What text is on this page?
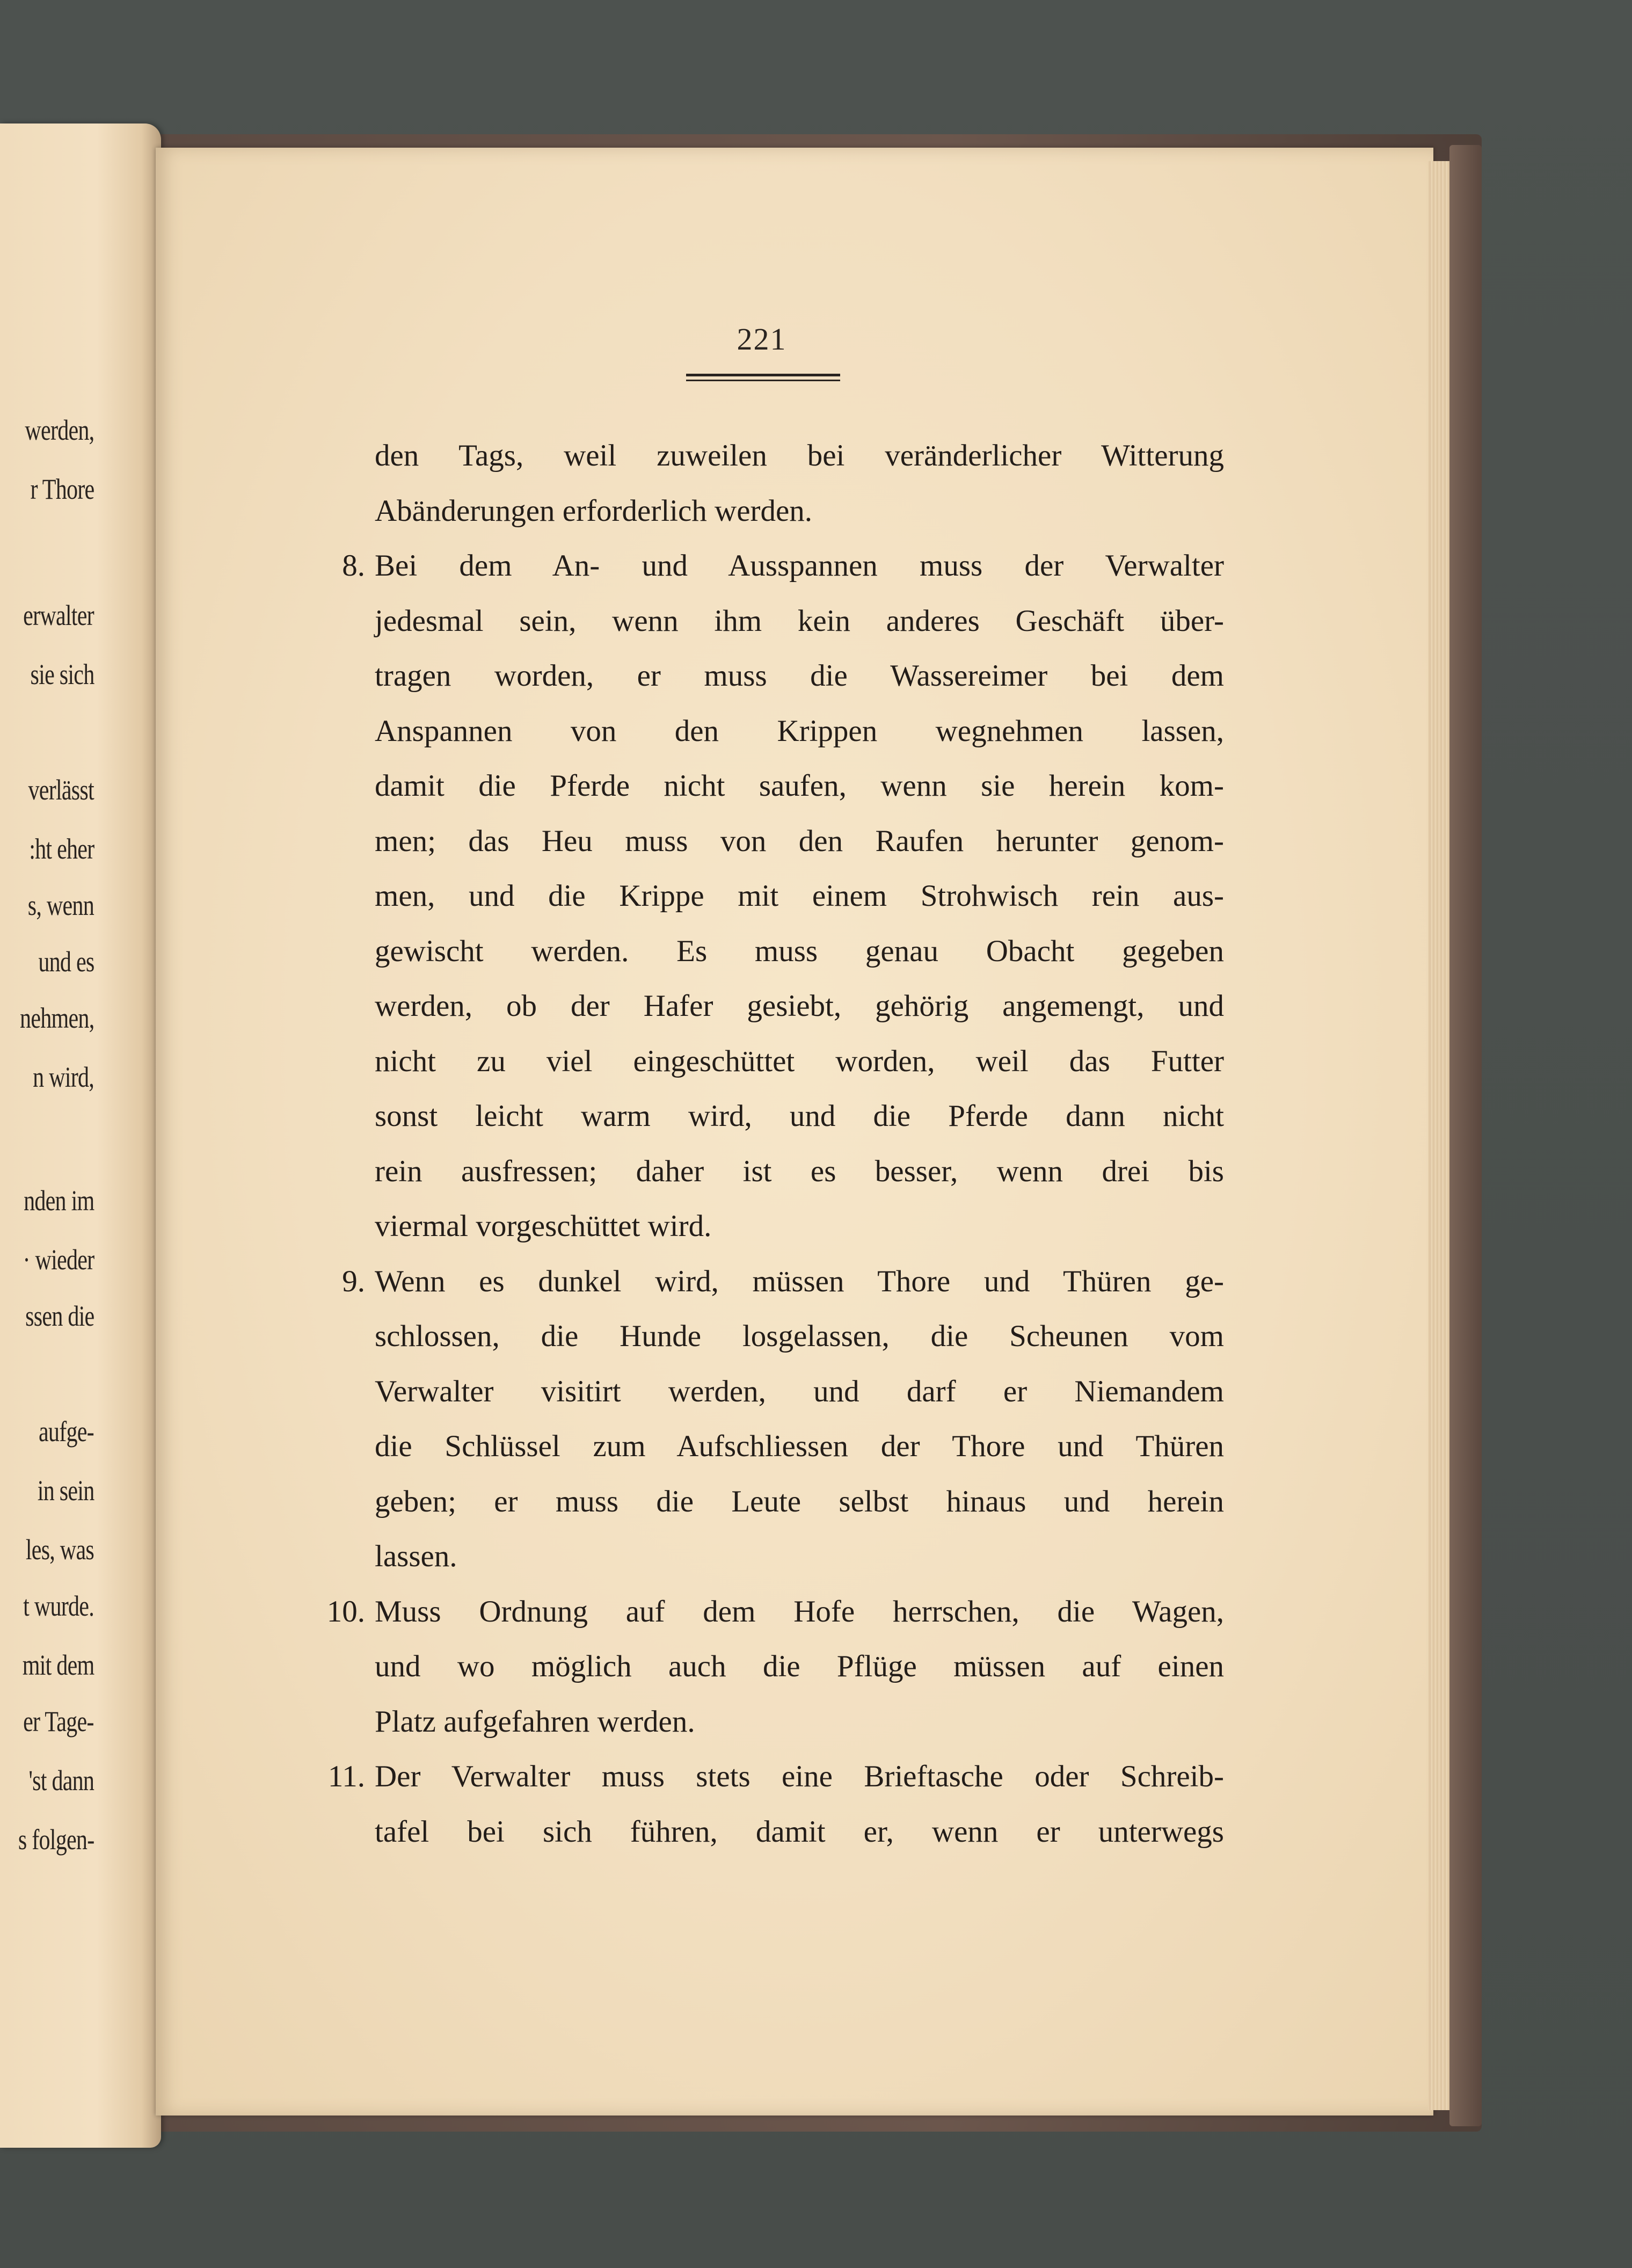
werden,
r Thore
erwalter
sie sich
verlässt
:ht eher
s, wenn
und es
nehmen,
n wird,
nden im
· wieder
ssen die
aufge-
in sein
les, was
t wurde.
mit dem
er Tage-
'st dann
s folgen-
221
den Tags, weil zuweilen bei veränderlicher Witterung
Abänderungen erforderlich werden.
8. Bei dem An- und Ausspannen muss der Verwalter
jedesmal sein, wenn ihm kein anderes Geschäft über-
tragen worden, er muss die Wassereimer bei dem
Anspannen von den Krippen wegnehmen lassen,
damit die Pferde nicht saufen, wenn sie herein kom-
men; das Heu muss von den Raufen herunter genom-
men, und die Krippe mit einem Strohwisch rein aus-
gewischt werden. Es muss genau Obacht gegeben
werden, ob der Hafer gesiebt, gehörig angemengt, und
nicht zu viel eingeschüttet worden, weil das Futter
sonst leicht warm wird, und die Pferde dann nicht
rein ausfressen; daher ist es besser, wenn drei bis
viermal vorgeschüttet wird.
9. Wenn es dunkel wird, müssen Thore und Thüren ge-
schlossen, die Hunde losgelassen, die Scheunen vom
Verwalter visitirt werden, und darf er Niemandem
die Schlüssel zum Aufschliessen der Thore und Thüren
geben; er muss die Leute selbst hinaus und herein
lassen.
10. Muss Ordnung auf dem Hofe herrschen, die Wagen,
und wo möglich auch die Pflüge müssen auf einen
Platz aufgefahren werden.
11. Der Verwalter muss stets eine Brieftasche oder Schreib-
tafel bei sich führen, damit er, wenn er unterwegs
